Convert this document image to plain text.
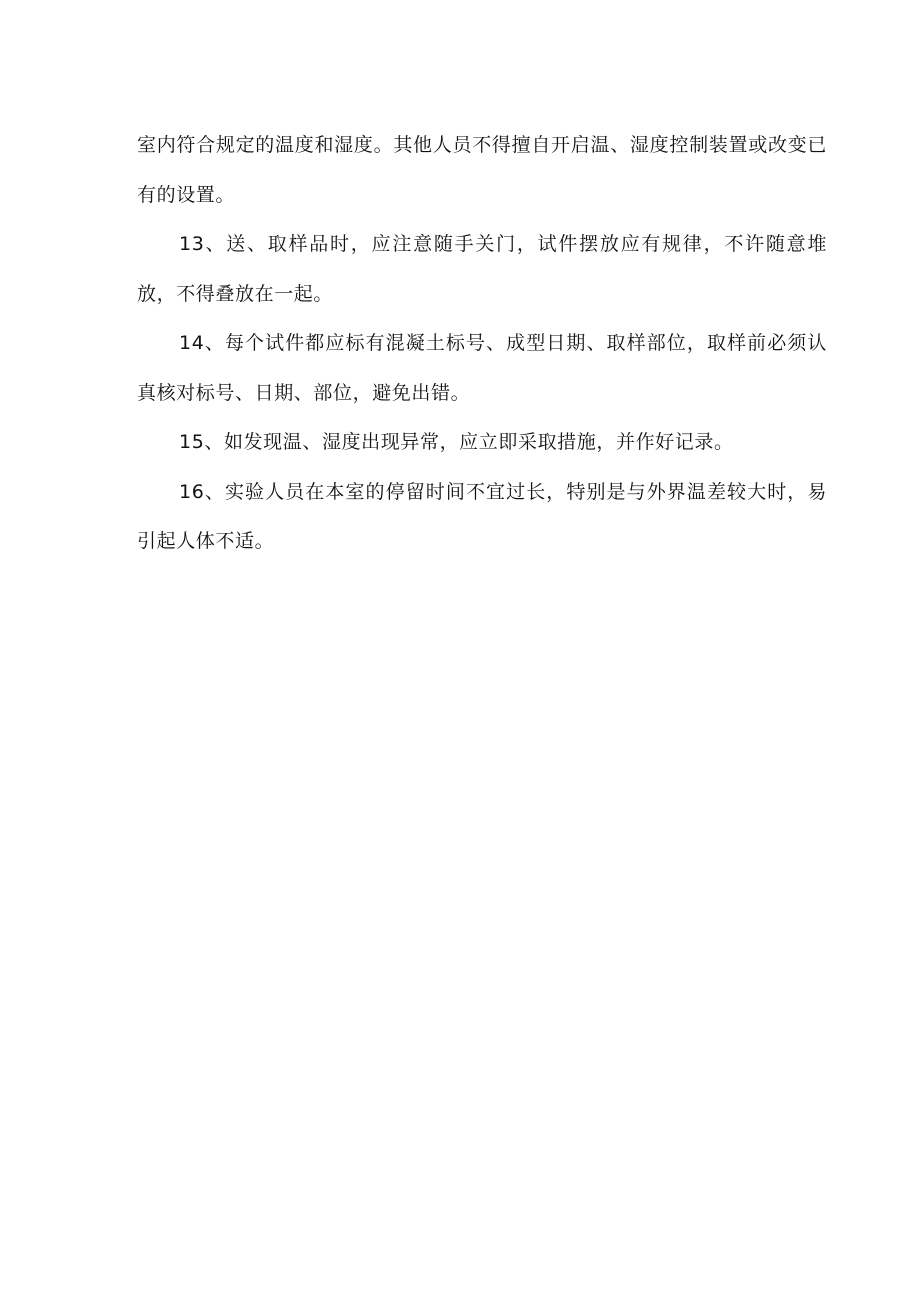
室内符合规定的温度和湿度。其他人员不得擅自开启温、湿度控制装置或改变已有的设置。

13、送、取样品时，应注意随手关门，试件摆放应有规律，不许随意堆放，不得叠放在一起。

14、每个试件都应标有混凝土标号、成型日期、取样部位，取样前必须认真核对标号、日期、部位，避免出错。

15、如发现温、湿度出现异常，应立即采取措施，并作好记录。

16、实验人员在本室的停留时间不宜过长，特别是与外界温差较大时，易引起人体不适。
